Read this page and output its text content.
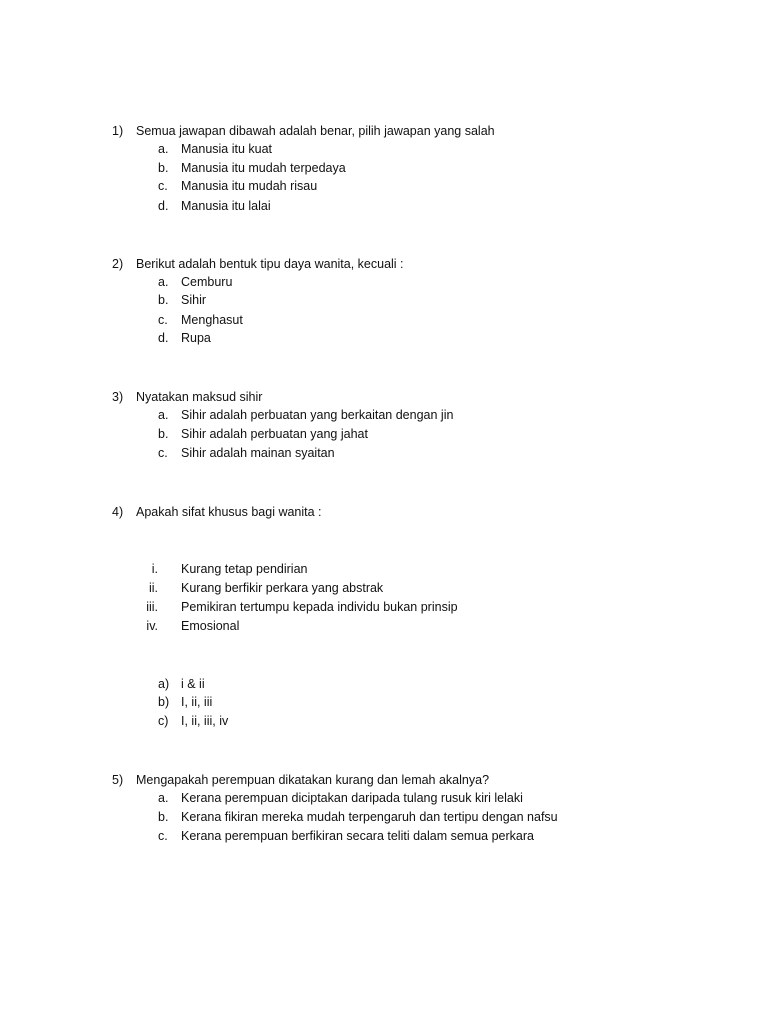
1)	Semua jawapan dibawah adalah benar, pilih jawapan yang salah
a.	Manusia itu kuat
b.	Manusia itu mudah terpedaya
c.	Manusia itu mudah risau
d.	Manusia itu lalai
2)	Berikut adalah bentuk tipu daya wanita, kecuali :
a.	Cemburu
b.	Sihir
c.	Menghasut
d.	Rupa
3)	Nyatakan maksud sihir
a.	Sihir adalah perbuatan yang berkaitan dengan jin
b.	Sihir adalah perbuatan yang jahat
c.	Sihir adalah mainan syaitan
4)	Apakah sifat khusus bagi wanita :
i. Kurang tetap pendirian
ii. Kurang berfikir perkara yang abstrak
iii. Pemikiran tertumpu kepada individu bukan prinsip
iv. Emosional
a) i & ii
b) I, ii, iii
c)	I, ii, iii, iv
5)	Mengapakah perempuan dikatakan kurang dan lemah akalnya?
a.	Kerana perempuan diciptakan daripada tulang rusuk kiri lelaki
b.	Kerana fikiran mereka mudah terpengaruh dan tertipu dengan nafsu
c.	Kerana perempuan berfikiran secara teliti dalam semua perkara
